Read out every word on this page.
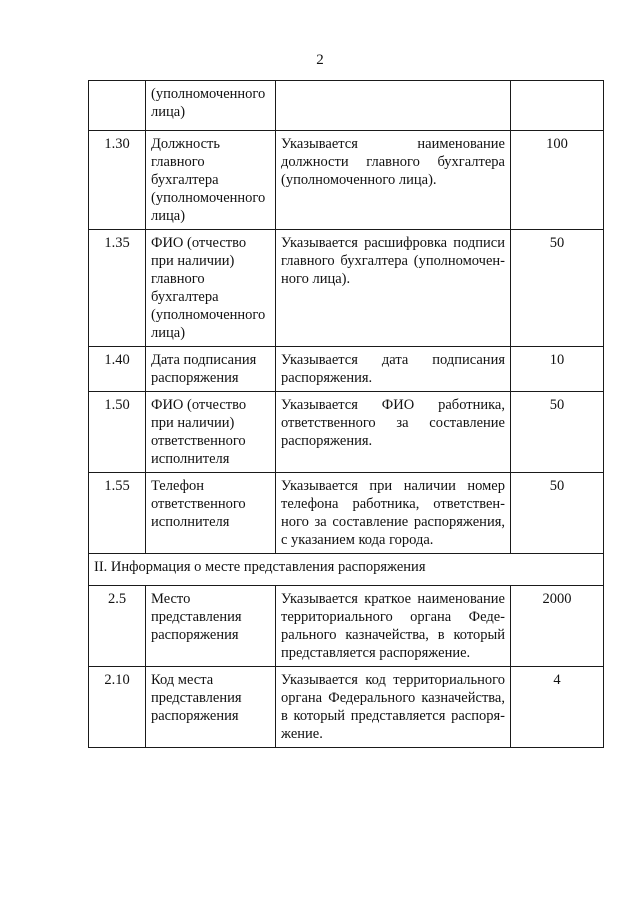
2
	(уполномоченного лица)		
1.30	Должность главного бухгалтера (уполномоченного лица)	Указывается наименование должности главного бухгалтера (уполномоченного лица).	100
1.35	ФИО (отчество при наличии) главного бухгалтера (уполномоченного лица)	Указывается расшифровка подписи главного бухгалтера (уполномоченного лица).	50
1.40	Дата подписания распоряжения	Указывается дата подписания распоряжения.	10
1.50	ФИО (отчество при наличии) ответственного исполнителя	Указывается ФИО работника, ответственного за составление распоряжения.	50
1.55	Телефон ответственного исполнителя	Указывается при наличии номер телефона работника, ответственного за составление распоряжения, с указанием кода города.	50
II. Информация о месте представления распоряжения			
2.5	Место представления распоряжения	Указывается краткое наименование территориального органа Федерального казначейства, в который представляется распоряжение.	2000
2.10	Код места представления распоряжения	Указывается код территориального органа Федерального казначейства, в который представляется распоряжение.	4
